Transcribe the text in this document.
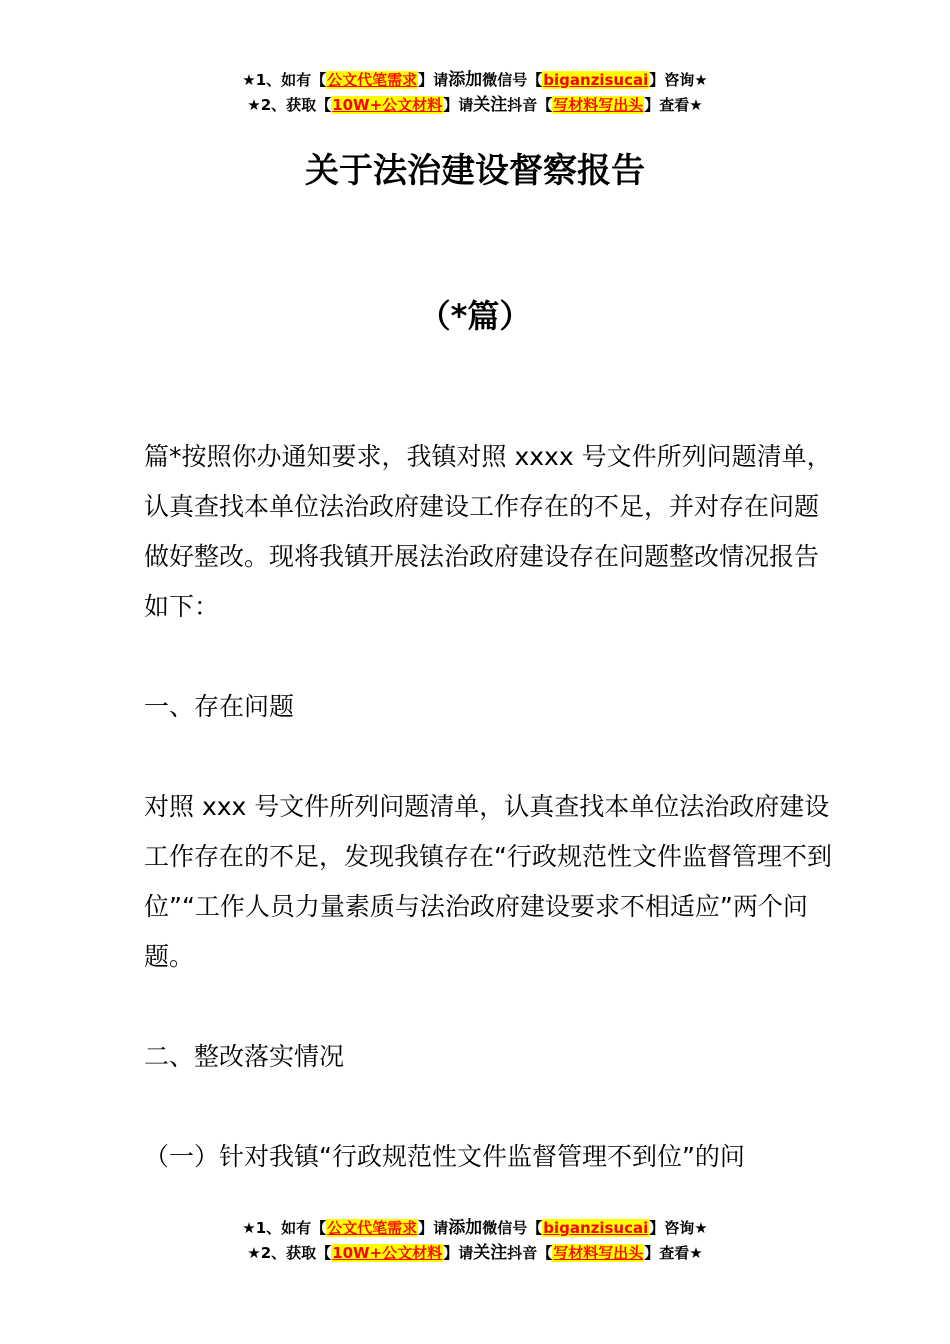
★1、如有【公文代笔需求】请添加微信号【biganzisucai】咨询★
★2、获取【10W+公文材料】请关注抖音【写材料写出头】查看★
关于法治建设督察报告
（*篇）

篇*按照你办通知要求，我镇对照 xxxx 号文件所列问题清单，认真查找本单位法治政府建设工作存在的不足，并对存在问题做好整改。现将我镇开展法治政府建设存在问题整改情况报告如下：

一、存在问题

对照 xxx 号文件所列问题清单，认真查找本单位法治政府建设工作存在的不足，发现我镇存在“行政规范性文件监督管理不到位”“工作人员力量素质与法治政府建设要求不相适应”两个问题。

二、整改落实情况

（一）针对我镇“行政规范性文件监督管理不到位”的问

★1、如有【公文代笔需求】请添加微信号【biganzisucai】咨询★
★2、获取【10W+公文材料】请关注抖音【写材料写出头】查看★
